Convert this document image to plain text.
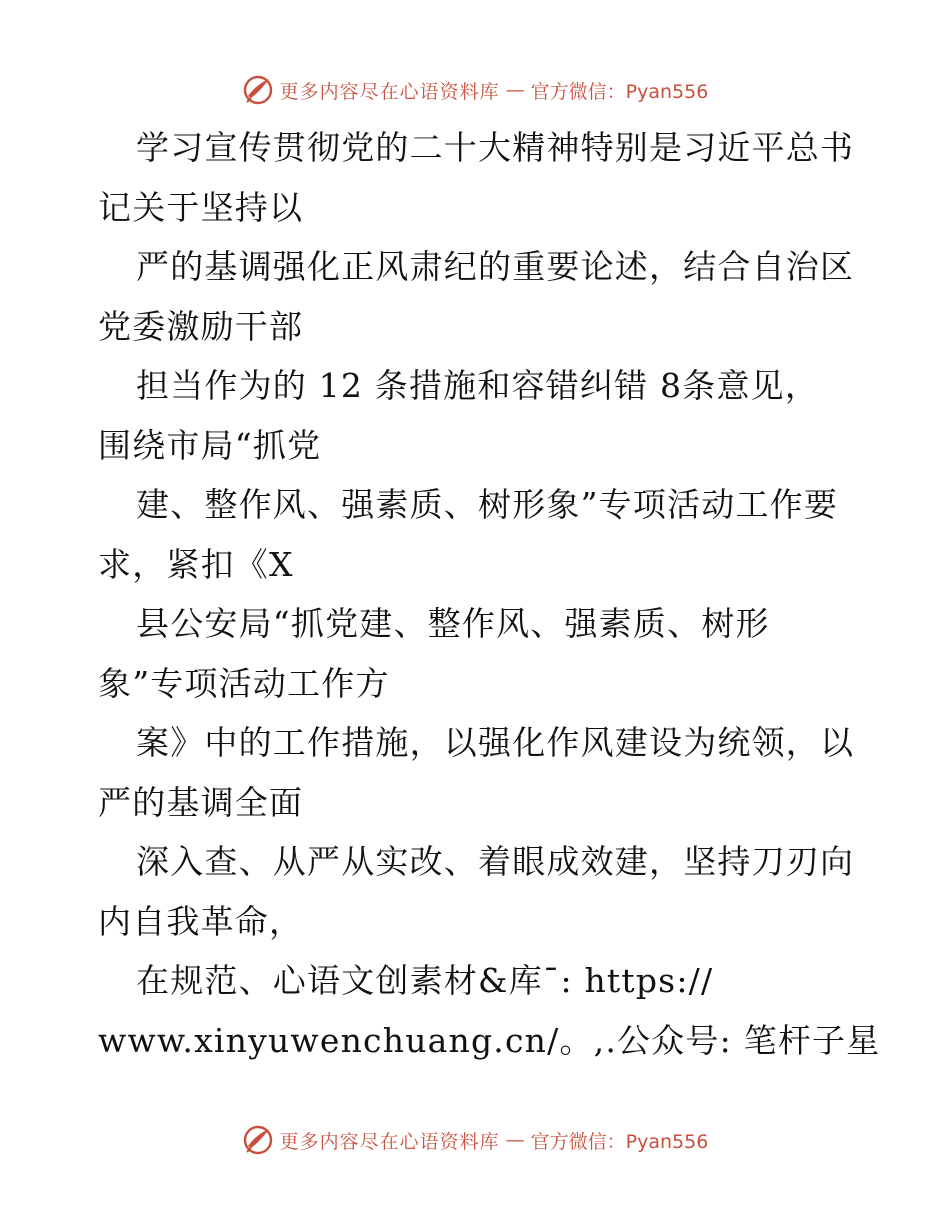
更多内容尽在心语资料库 — 官方微信：Pyan556
学习宣传贯彻党的二十大精神特别是习近平总书
记关于坚持以
严的基调强化正风肃纪的重要论述，结合自治区
党委激励干部
担当作为的 12 条措施和容错纠错 8条意见，
围绕市局“抓党
建、整作风、强素质、树形象”专项活动工作要
求，紧扣《X
县公安局“抓党建、整作风、强素质、树形
象”专项活动工作方
案》中的工作措施，以强化作风建设为统领，以
严的基调全面
深入查、从严从实改、着眼成效建，坚持刀刃向
内自我革命，
在规范、心语文创素材&库¯: https://
www.xinyuwenchuang.cn/。,.公众号: 笔杆子星
更多内容尽在心语资料库 — 官方微信：Pyan556
